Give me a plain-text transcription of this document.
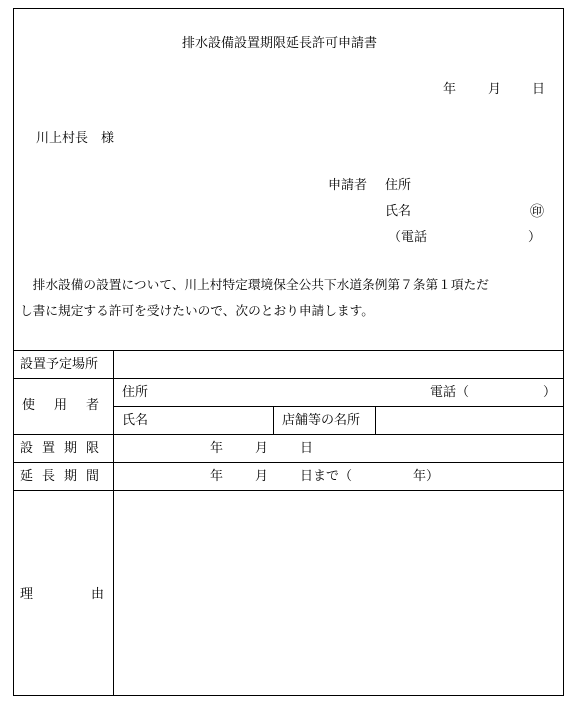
排水設備設置期限延長許可申請書
年 月 日
川上村長　様
申請者 住所
氏名	㊞
（電話	）
　排水設備の設置について、川上村特定環境保全公共下水道条例第７条第１項ただ
し書に規定する許可を受けたいので、次のとおり申請します。
設置予定場所
使用者
住所	電話（	）
氏名	店舗等の名所
設置期限	年 月 日
延長期間	年 月 日まで（	年）
理由
